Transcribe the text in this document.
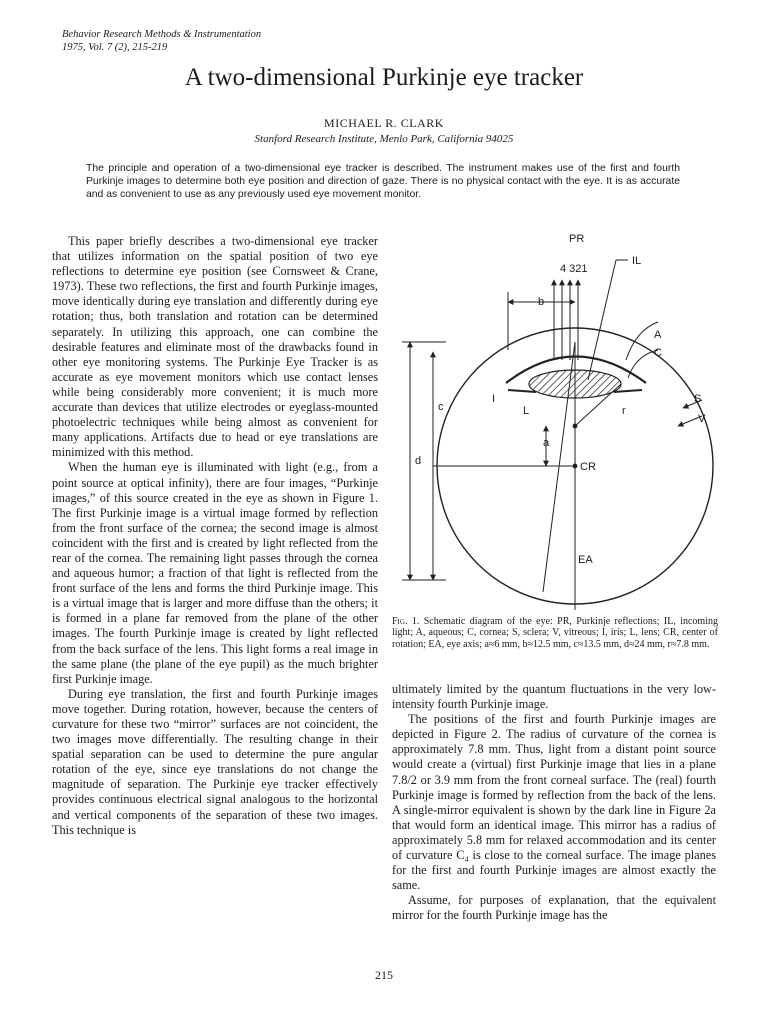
Behavior Research Methods & Instrumentation
1975, Vol. 7 (2), 215-219
A two-dimensional Purkinje eye tracker
MICHAEL R. CLARK
Stanford Research Institute, Menlo Park, California 94025
The principle and operation of a two-dimensional eye tracker is described. The instrument makes use of the first and fourth Purkinje images to determine both eye position and direction of gaze. There is no physical contact with the eye. It is as accurate and as convenient to use as any previously used eye movement monitor.

This paper briefly describes a two-dimensional eye tracker that utilizes information on the spatial position of two eye reflections to determine eye position (see Cornsweet & Crane, 1973). These two reflections, the first and fourth Purkinje images, move identically during eye translation and differently during eye rotation; thus, both translation and rotation can be determined separately. In utilizing this approach, one can combine the desirable features and eliminate most of the drawbacks found in other eye monitoring systems. The Purkinje Eye Tracker is as accurate as eye movement monitors which use contact lenses while being considerably more convenient; it is much more accurate than devices that utilize electrodes or eyeglass-mounted photoelectric techniques while being almost as convenient for many applications. Artifacts due to head or eye translations are minimized with this method.

When the human eye is illuminated with light (e.g., from a point source at optical infinity), there are four images, “Purkinje images,” of this source created in the eye as shown in Figure 1. The first Purkinje image is a virtual image formed by reflection from the front surface of the cornea; the second image is almost coincident with the first and is created by light reflected from the rear of the cornea. The remaining light passes through the cornea and aqueous humor; a fraction of that light is reflected from the front surface of the lens and forms the third Purkinje image. This is a virtual image that is larger and more diffuse than the others; it is formed in a plane far removed from the plane of the other images. The fourth Purkinje image is created by light reflected from the back surface of the lens. This light forms a real image in the same plane (the plane of the eye pupil) as the much brighter first Purkinje image.

During eye translation, the first and fourth Purkinje images move together. During rotation, however, because the centers of curvature for these two “mirror” surfaces are not coincident, the two images move differentially. The resulting change in their spatial separation can be used to determine the pure angular rotation of the eye, since eye translations do not change the magnitude of separation. The Purkinje eye tracker effectively provides continuous electrical signal analogous to the horizontal and vertical components of the separation of these two images. This technique is

PR
4 321
IL
b
A
C
S
V
I
L	r
c
a
d	CR
EA
Fig. 1. Schematic diagram of the eye: PR, Purkinje reflections; IL, incoming light; A, aqueous; C, cornea; S, sclera; V, vitreous; I, iris; L, lens; CR, center of rotation; EA, eye axis; a≈6 mm, b≈12.5 mm, c≈13.5 mm, d≈24 mm, r≈7.8 mm.

ultimately limited by the quantum fluctuations in the very low-intensity fourth Purkinje image.

The positions of the first and fourth Purkinje images are depicted in Figure 2. The radius of curvature of the cornea is approximately 7.8 mm. Thus, light from a distant point source would create a (virtual) first Purkinje image that lies in a plane 7.8/2 or 3.9 mm from the front corneal surface. The (real) fourth Purkinje image is formed by reflection from the back of the lens. A single-mirror equivalent is shown by the dark line in Figure 2a that would form an identical image. This mirror has a radius of approximately 5.8 mm for relaxed accommodation and its center of curvature C₄ is close to the corneal surface. The image planes for the first and fourth Purkinje images are almost exactly the same.

Assume, for purposes of explanation, that the equivalent mirror for the fourth Purkinje image has the

215
